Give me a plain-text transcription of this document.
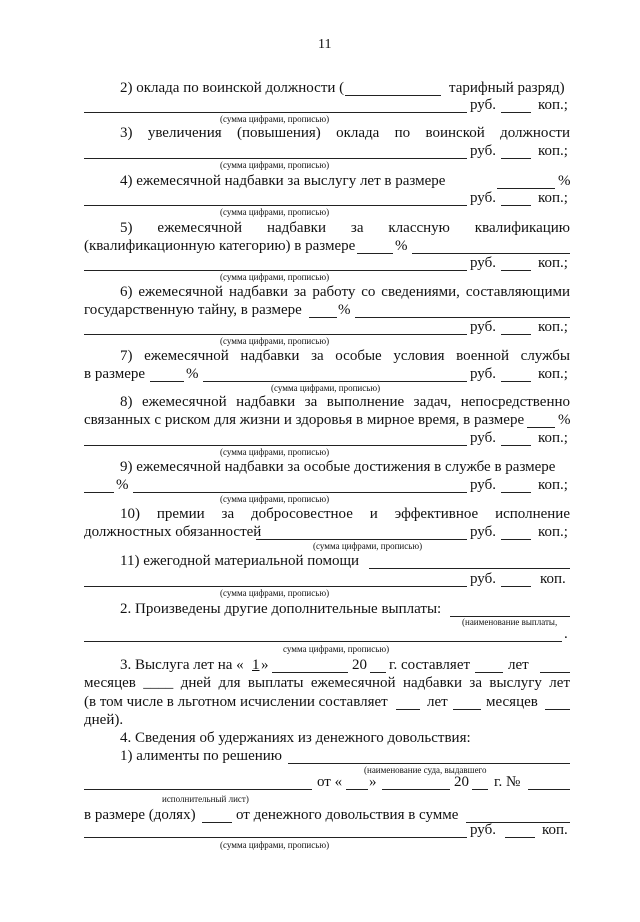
11
2) оклада по воинской должности (	тарифный разряд)
руб.	коп.;
(сумма цифрами, прописью)
3) увеличения (повышения) оклада по воинской должности
руб.	коп.;
(сумма цифрами, прописью)
4) ежемесячной надбавки за выслугу лет в размере	%
руб.	коп.;
(сумма цифрами, прописью)
5) ежемесячной надбавки за классную квалификацию
(квалификационную категорию) в размере	%
руб.	коп.;
(сумма цифрами, прописью)
6) ежемесячной надбавки за работу со сведениями, составляющими
государственную тайну, в размере %
руб.	коп.;
(сумма цифрами, прописью)
7) ежемесячной надбавки за особые условия военной службы
в размере	%	руб.	коп.;
(сумма цифрами, прописью)
8) ежемесячной надбавки за выполнение задач, непосредственно
связанных с риском для жизни и здоровья в мирное время, в размере %
руб.	коп.;
(сумма цифрами, прописью)
9) ежемесячной надбавки за особые достижения в службе в размере
%	руб.	коп.;
(сумма цифрами, прописью)
10) премии за добросовестное и эффективное исполнение
должностных обязанностей	руб.	коп.;
(сумма цифрами, прописью)
11) ежегодной материальной помощи
руб.	коп.
(сумма цифрами, прописью)
2. Произведены другие дополнительные выплаты:
(наименование выплаты,
.
сумма цифрами, прописью)
3. Выслуга лет на « 1 »	20 г. составляет	лет
месяцев ____ дней для выплаты ежемесячной надбавки за выслугу лет
(в том числе в льготном исчислении составляет	лет	месяцев
дней).
4. Сведения об удержаниях из денежного довольствия:
1) алименты по решению
(наименование суда, выдавшего
от « »	20 г. №
исполнительный лист)
в размере (долях)	от денежного довольствия в сумме
руб.	коп.
(сумма цифрами, прописью)
